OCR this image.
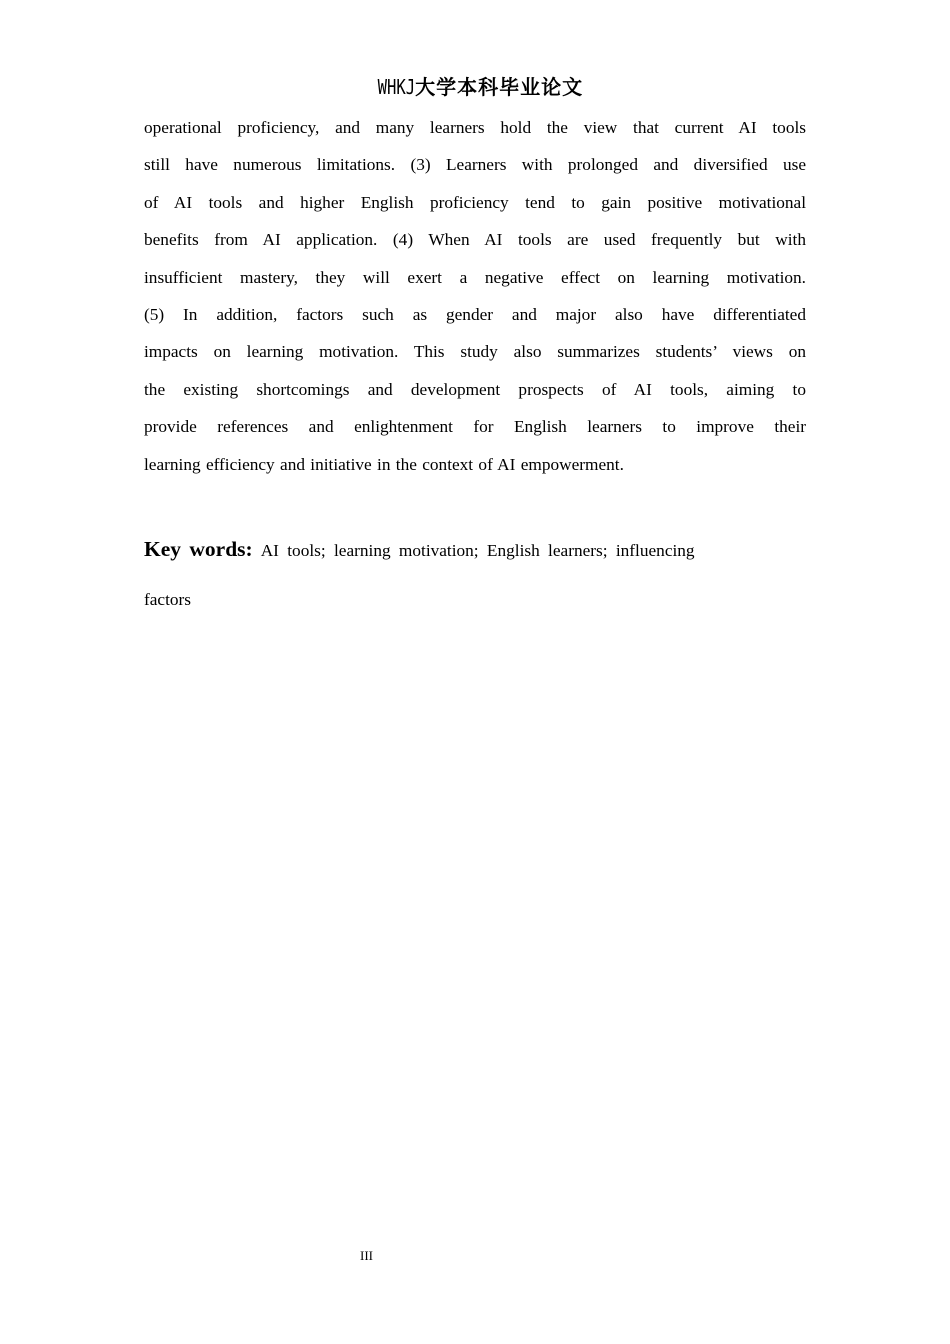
WHKJ大学本科毕业论文
operational proficiency, and many learners hold the view that current AI tools
still have numerous limitations. (3) Learners with prolonged and diversified use
of AI tools and higher English proficiency tend to gain positive motivational
benefits from AI application. (4) When AI tools are used frequently but with
insufficient mastery, they will exert a negative effect on learning motivation.
(5) In addition, factors such as gender and major also have differentiated
impacts on learning motivation. This study also summarizes students’ views on
the existing shortcomings and development prospects of AI tools, aiming to
provide references and enlightenment for English learners to improve their
learning efficiency and initiative in the context of AI empowerment.
Key words: AI tools; learning motivation; English learners; influencing
factors
III
